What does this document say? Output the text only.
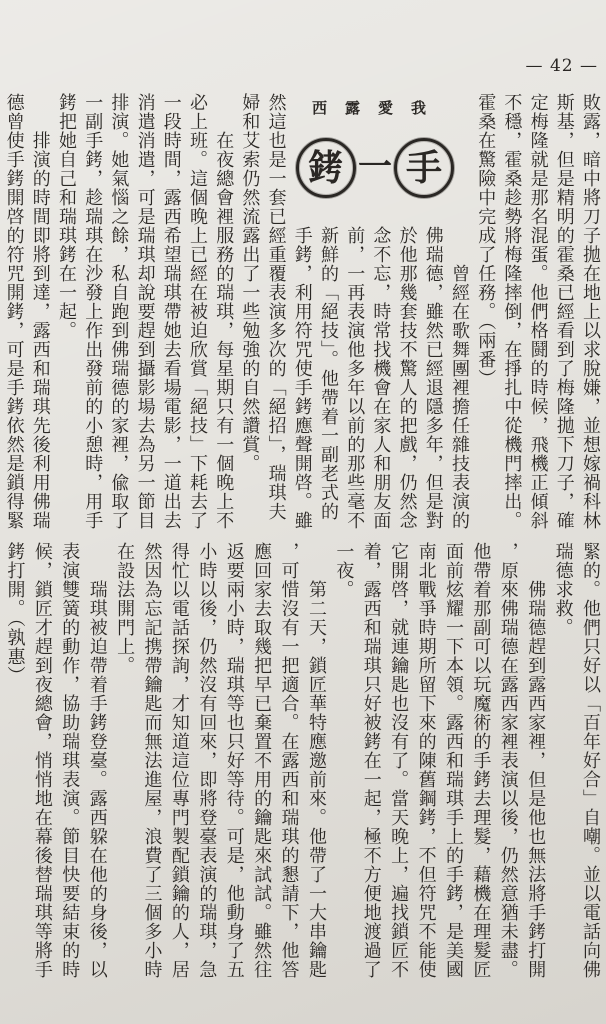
— 42 —
我愛露西
銬 一 手	敗露，暗中將刀子拋在地上以求脫嫌，並想嫁禍科林
斯基，但是精明的霍桑已經看到了梅隆拋下刀子，確
定梅隆就是那名混蛋。他們格鬪的時候，飛機正傾斜
不穩，霍桑趁勢將梅隆摔倒，在掙扎中從機門摔出。
霍桑在驚險中完成了任務。（兩番）
　　曾經在歌舞團裡擔任雜技表演的
佛瑞德，雖然已經退隱多年，但是對
於他那幾套技不驚人的把戲，仍然念
念不忘，時常找機會在家人和朋友面
前，一再表演他多年以前的那些毫不
新鮮的「絕技」。他帶着一副老式的
手銬，利用符咒使手銬應聲開啓。雖
然這也是一套已經重覆表演多次的「絕招」，瑞琪夫
婦和艾索仍然流露出了一些勉強的自然讚賞。
　　在夜總會裡服務的瑞琪，每星期只有一個晚上不
必上班。這個晚上已經在被迫欣賞「絕技」下耗去了
一段時間，露西希望瑞琪帶她去看場電影，一道出去
消遣消遣，可是瑞琪却說要趕到攝影場去為另一節目
排演。她氣惱之餘，私自跑到佛瑞德的家裡，偸取了
一副手銬，趁瑞琪在沙發上作出發前的小憩時，用手
銬把她自己和瑞琪銬在一起。
　　排演的時間即將到達，露西和瑞琪先後利用佛瑞
德曾使手銬開啓的符咒開銬，可是手銬依然是鎖得緊
緊的。他們只好以「百年好合」自嘲。並以電話向佛
瑞德求救。
　　佛瑞德趕到露西家裡，但是他也無法將手銬打開
，原來佛瑞德在露西家裡表演以後，仍然意猶未盡。
他帶着那副可以玩魔術的手銬去理髮，藉機在理髮匠
面前炫耀一下本領。露西和瑞琪手上的手銬，是美國
南北戰爭時期所留下來的陳舊鋼銬，不但符咒不能使
它開啓，就連鑰匙也沒有了。當天晚上，遍找鎖匠不
着，露西和瑞琪只好被銬在一起，極不方便地渡過了
一夜。
　　第二天，鎖匠華特應邀前來。他帶了一大串鑰匙
，可惜沒有一把適合。在露西和瑞琪的懇請下，他答
應回家去取幾把早已棄置不用的鑰匙來試試。雖然往
返要兩小時，瑞琪等也只好等待。可是，他動身了五
小時以後，仍然沒有回來，即將登臺表演的瑞琪，急
得忙以電話探詢，才知道這位專門製配鎖鑰的人，居
然因為忘記携帶鑰匙而無法進屋，浪費了三個多小時
在設法開門上。
　　瑞琪被迫帶着手銬登臺。露西躱在他的身後，以
表演雙簧的動作，協助瑞琪表演。節目快要結束的時
候，鎖匠才趕到夜總會，悄悄地在幕後替瑞琪等將手
銬打開。（孰惠）
